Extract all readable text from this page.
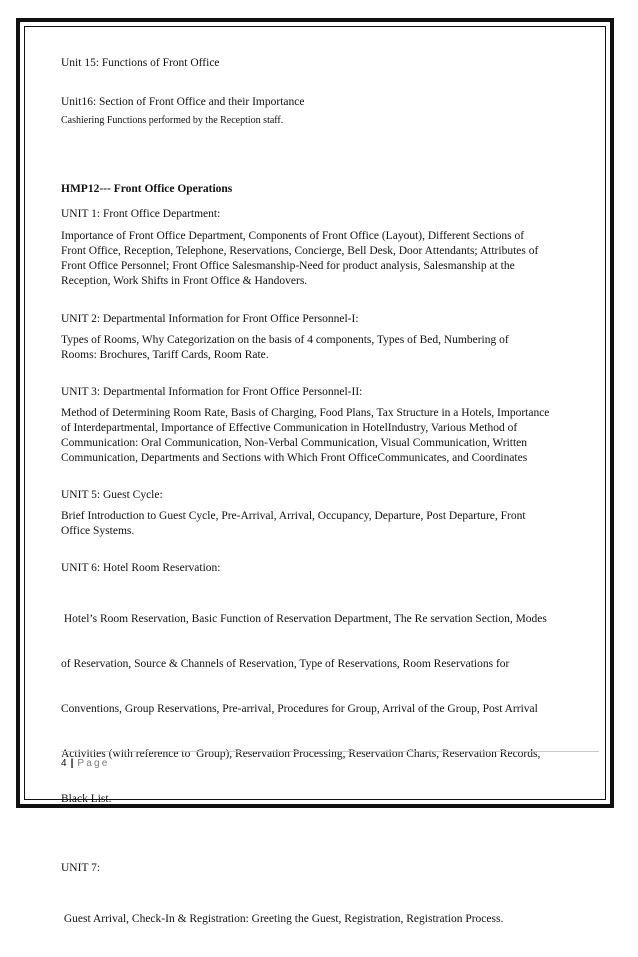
Unit 15: Functions of Front Office

Unit16: Section of Front Office and their Importance

Cashiering Functions performed by the Reception staff.

HMP12--- Front Office Operations

UNIT 1: Front Office Department:

Importance of Front Office Department, Components of Front Office (Layout), Different Sections of
Front Office, Reception, Telephone, Reservations, Concierge, Bell Desk, Door Attendants; Attributes of
Front Office Personnel; Front Office Salesmanship-Need for product analysis, Salesmanship at the
Reception, Work Shifts in Front Office & Handovers.

UNIT 2: Departmental Information for Front Office Personnel-I:

Types of Rooms, Why Categorization on the basis of 4 components, Types of Bed, Numbering of
Rooms: Brochures, Tariff Cards, Room Rate.

UNIT 3: Departmental Information for Front Office Personnel-II:

Method of Determining Room Rate, Basis of Charging, Food Plans, Tax Structure in a Hotels, Importance
of Interdepartmental, Importance of Effective Communication in HotelIndustry, Various Method of
Communication: Oral Communication, Non-Verbal Communication, Visual Communication, Written
Communication, Departments and Sections with Which Front OfficeCommunicates, and Coordinates

UNIT 5: Guest Cycle:

Brief Introduction to Guest Cycle, Pre-Arrival, Arrival, Occupancy, Departure, Post Departure, Front
Office Systems.

UNIT 6: Hotel Room Reservation:

Hotel’s Room Reservation, Basic Function of Reservation Department, The Re servation Section, Modes

of Reservation, Source & Channels of Reservation, Type of Reservations, Room Reservations for

Conventions, Group Reservations, Pre-arrival, Procedures for Group, Arrival of the Group, Post Arrival

Activities (with reference to  Group), Reservation Processing, Reservation Charts, Reservation Records,

Black List.

UNIT 7:

Guest Arrival, Check-In & Registration: Greeting the Guest, Registration, Registration Process.

4 | Page
